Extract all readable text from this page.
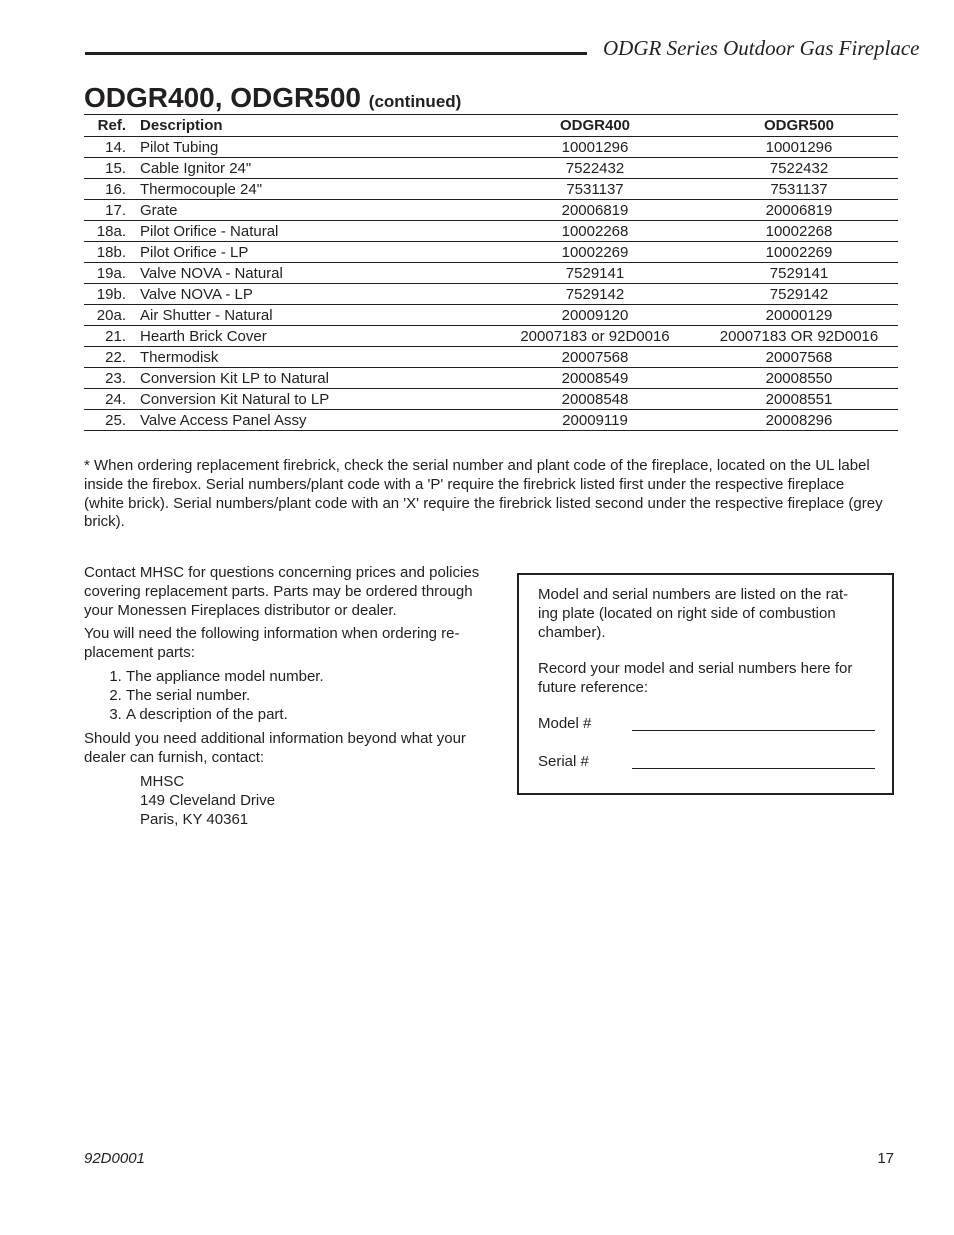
ODGR Series Outdoor Gas Fireplace
ODGR400, ODGR500 (continued)
Ref.	Description	ODGR400	ODGR500
14.	Pilot Tubing	10001296	10001296
15.	Cable Ignitor 24"	7522432	7522432
16.	Thermocouple 24"	7531137	7531137
17.	Grate	20006819	20006819
18a.	Pilot Orifice - Natural	10002268	10002268
18b.	Pilot Orifice - LP	10002269	10002269
19a.	Valve NOVA - Natural	7529141	7529141
19b.	Valve NOVA - LP	7529142	7529142
20a.	Air Shutter - Natural	20009120	20000129
21.	Hearth Brick Cover	20007183 or 92D0016	20007183 OR 92D0016
22.	Thermodisk	20007568	20007568
23.	Conversion Kit LP to Natural	20008549	20008550
24.	Conversion Kit Natural to LP	20008548	20008551
25.	Valve Access Panel Assy	20009119	20008296
* When ordering replacement firebrick, check the serial number and plant code of the fireplace, located on the UL label inside the firebox. Serial numbers/plant code with a 'P' require the firebrick listed first under the respective fireplace (white brick). Serial numbers/plant code with an 'X' require the firebrick listed second under the respective fireplace (grey brick).

Contact MHSC for questions concerning prices and policies covering replacement parts. Parts may be ordered through your Monessen Fireplaces distributor or dealer.

You will need the following information when ordering re-placement parts:

1. The appliance model number.
2. The serial number.
3. A description of the part.

Should you need additional information beyond what your dealer can furnish, contact:

MHSC
149 Cleveland Drive
Paris, KY 40361

Model and serial numbers are listed on the rat-ing plate (located on right side of combustion chamber).

Record your model and serial numbers here for future reference:

Model #
Serial #
92D0001	17
